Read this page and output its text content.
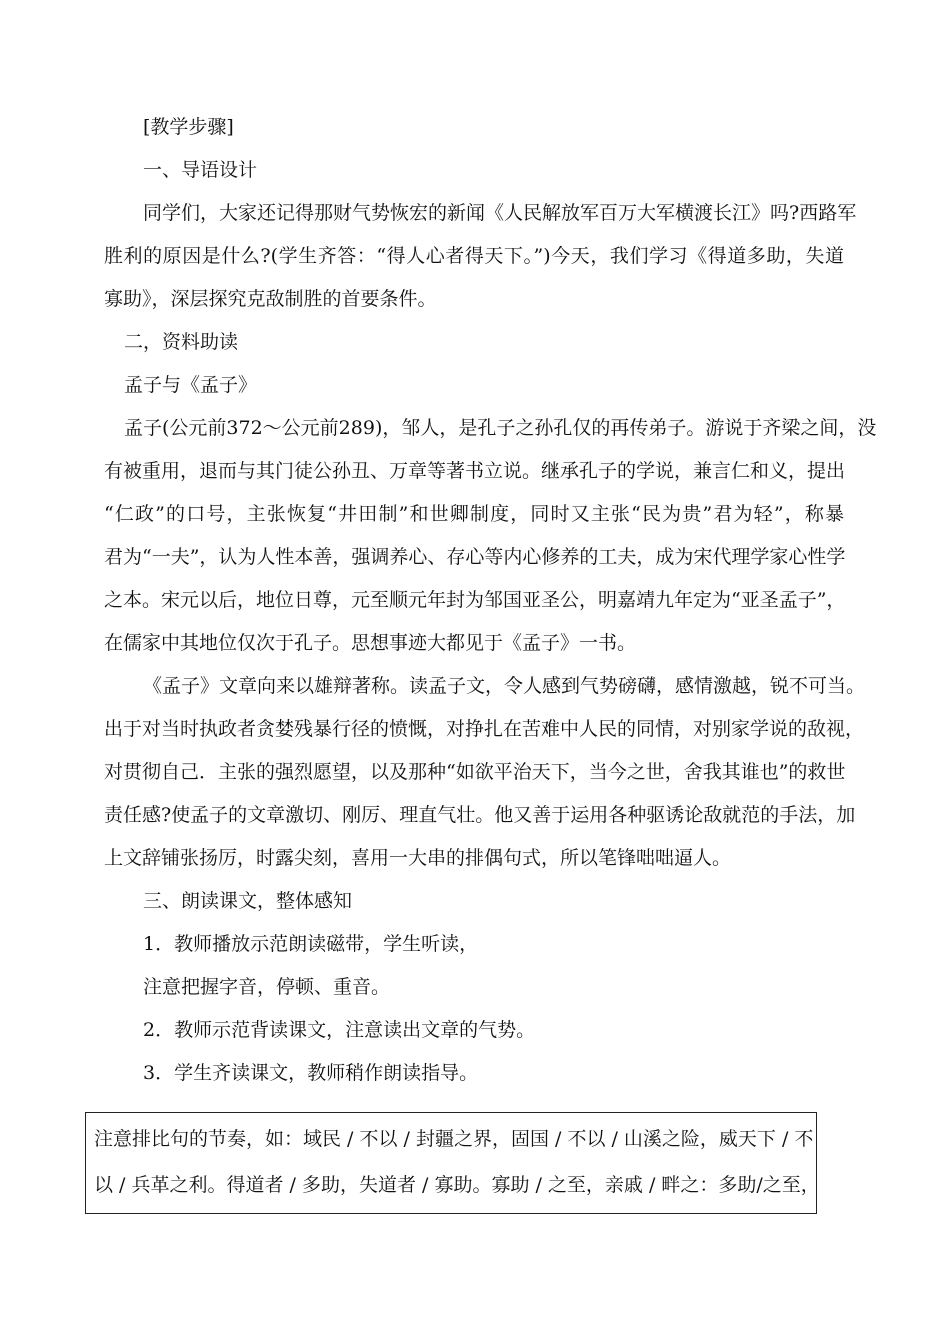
[教学步骤]
一、导语设计
同学们，大家还记得那财气势恢宏的新闻《人民解放军百万大军横渡长江》吗?西路军
胜利的原因是什么?(学生齐答：“得人心者得天下。”)今天，我们学习《得道多助，失道
寡助》，深层探究克敌制胜的首要条件。
二，资料助读
孟子与《孟子》
孟子(公元前372～公元前289)，邹人，是孔子之孙孔仅的再传弟子。游说于齐梁之间，没
有被重用，退而与其门徒公孙丑、万章等著书立说。继承孔子的学说，兼言仁和义，提出
“仁政”的口号，主张恢复“井田制”和世卿制度，同时又主张“民为贵”君为轻”，称暴
君为“一夫”，认为人性本善，强调养心、存心等内心修养的工夫，成为宋代理学家心性学
之本。宋元以后，地位日尊，元至顺元年封为邹国亚圣公，明嘉靖九年定为“亚圣孟子”，
在儒家中其地位仅次于孔子。思想事迹大都见于《孟子》一书。
《孟子》文章向来以雄辩著称。读孟子文，令人感到气势磅礴，感情激越，锐不可当。
出于对当时执政者贪婪残暴行径的愤慨，对挣扎在苦难中人民的同情，对别家学说的敌视，
对贯彻自己．主张的强烈愿望，以及那种“如欲平治天下，当今之世，舍我其谁也”的救世
责任感?使孟子的文章激切、刚厉、理直气壮。他又善于运用各种驱诱论敌就范的手法，加
上文辞铺张扬厉，时露尖刻，喜用一大串的排偶句式，所以笔锋咄咄逼人。
三、朗读课文，整体感知
1．教师播放示范朗读磁带，学生听读，
注意把握字音，停顿、重音。
2．教师示范背读课文，注意读出文章的气势。
3．学生齐读课文，教师稍作朗读指导。
注意排比句的节奏，如：域民 / 不以 / 封疆之界，固国 / 不以 / 山溪之险，威天下 / 不
以 / 兵革之利。得道者 / 多助，失道者 / 寡助。寡助 / 之至，亲戚 / 畔之：多助/之至，
